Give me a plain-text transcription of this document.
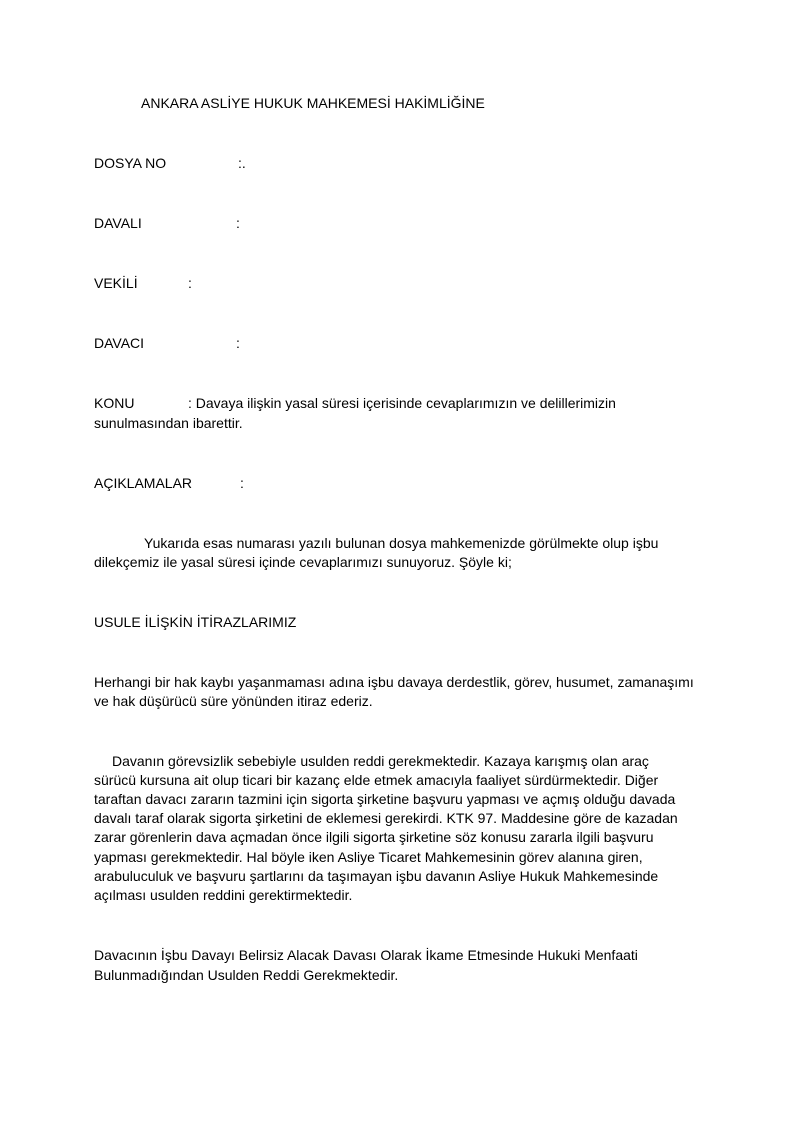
ANKARA ASLİYE HUKUK MAHKEMESİ HAKİMLİĞİNE
DOSYA NO	:.
DAVALI	:
VEKİLİ	:
DAVACI	:
KONU	: Davaya ilişkin yasal süresi içerisinde cevaplarımızın ve delillerimizin
sunulmasından ibarettir.
AÇIKLAMALAR	:
Yukarıda esas numarası yazılı bulunan dosya mahkemenizde görülmekte olup işbu
dilekçemiz ile yasal süresi içinde cevaplarımızı sunuyoruz. Şöyle ki;
USULE İLİŞKİN İTİRAZLARIMIZ
Herhangi bir hak kaybı yaşanmaması adına işbu davaya derdestlik, görev, husumet, zamanaşımı
ve hak düşürücü süre yönünden itiraz ederiz.
Davanın görevsizlik sebebiyle usulden reddi gerekmektedir. Kazaya karışmış olan araç
sürücü kursuna ait olup ticari bir kazanç elde etmek amacıyla faaliyet sürdürmektedir. Diğer
taraftan davacı zararın tazmini için sigorta şirketine başvuru yapması ve açmış olduğu davada
davalı taraf olarak sigorta şirketini de eklemesi gerekirdi. KTK 97. Maddesine göre de kazadan
zarar görenlerin dava açmadan önce ilgili sigorta şirketine söz konusu zararla ilgili başvuru
yapması gerekmektedir. Hal böyle iken Asliye Ticaret Mahkemesinin görev alanına giren,
arabuluculuk ve başvuru şartlarını da taşımayan işbu davanın Asliye Hukuk Mahkemesinde
açılması usulden reddini gerektirmektedir.
Davacının İşbu Davayı Belirsiz Alacak Davası Olarak İkame Etmesinde Hukuki Menfaati
Bulunmadığından Usulden Reddi Gerekmektedir.
